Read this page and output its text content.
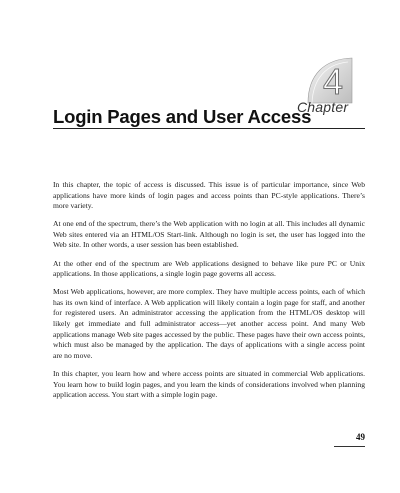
4
Chapter
Login Pages and User Access

In this chapter, the topic of access is discussed. This issue is of particular importance, since Web applications have more kinds of login pages and access points than PC-style applications. There’s more variety.

At one end of the spectrum, there’s the Web application with no login at all. This includes all dynamic Web sites entered via an HTML/OS Start-link. Although no login is set, the user has logged into the Web site. In other words, a user session has been established.

At the other end of the spectrum are Web applications designed to behave like pure PC or Unix applications. In those applications, a single login page governs all access.

Most Web applications, however, are more complex. They have multiple access points, each of which has its own kind of interface. A Web application will likely contain a login page for staff, and another for registered users. An administrator accessing the application from the HTML/OS desktop will likely get immediate and full administrator access—yet another access point. And many Web applications manage Web site pages accessed by the public. These pages have their own access points, which must also be managed by the application. The days of applications with a single access point are no move.

In this chapter, you learn how and where access points are situated in commercial Web applications. You learn how to build login pages, and you learn the kinds of considerations involved when planning application access. You start with a simple login page.

49
